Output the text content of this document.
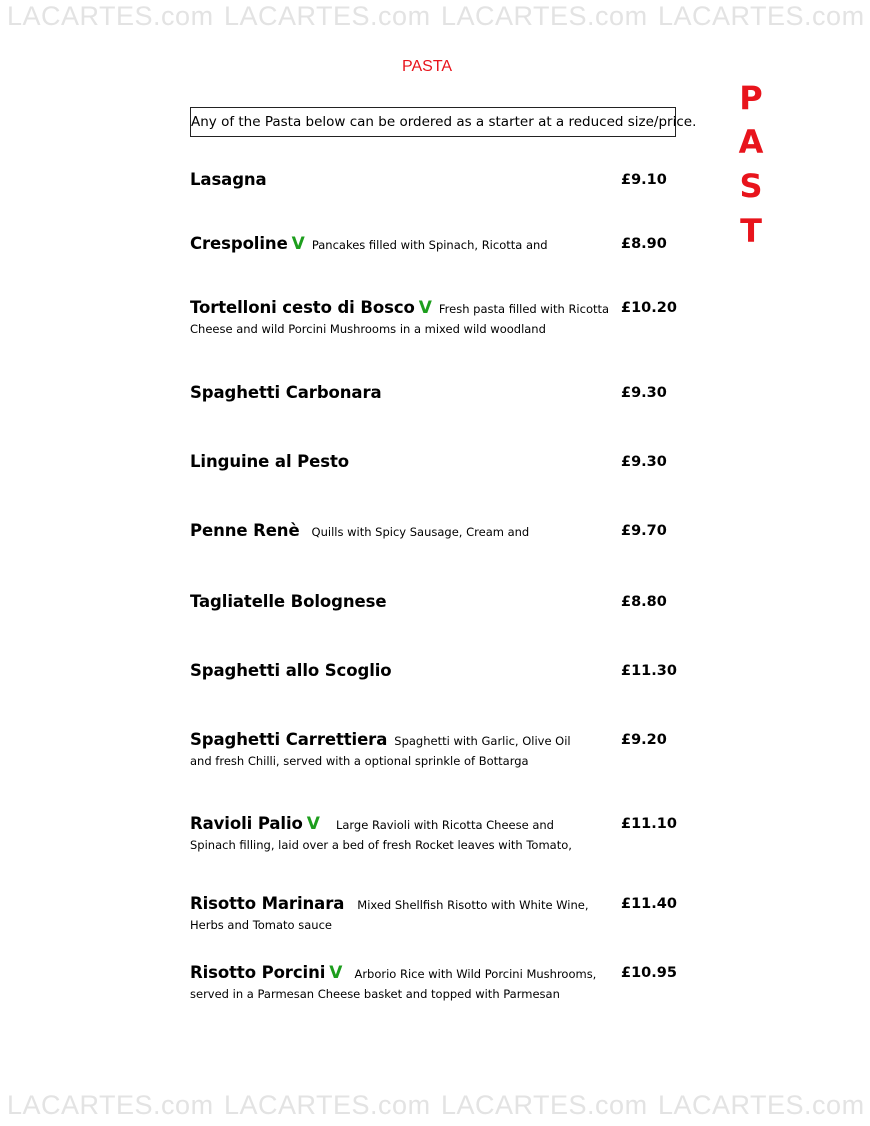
LACARTES.com LACARTES.com LACARTES.com LACARTES.com
PASTA
Any of the Pasta below can be ordered as a starter at a reduced size/price.
P
A
S
T
Lasagna	£9.10
Crespoline V Pancakes filled with Spinach, Ricotta and	£8.90
Tortelloni cesto di Bosco V Fresh pasta filled with Ricotta
Cheese and wild Porcini Mushrooms in a mixed wild woodland
£10.20
Spaghetti Carbonara	£9.30
Linguine al Pesto	£9.30
Penne Renè Quills with Spicy Sausage, Cream and	£9.70
Tagliatelle Bolognese	£8.80
Spaghetti allo Scoglio	£11.30
Spaghetti Carrettiera Spaghetti with Garlic, Olive Oil
and fresh Chilli, served with a optional sprinkle of Bottarga
£9.20
Ravioli Palio V Large Ravioli with Ricotta Cheese and
Spinach filling, laid over a bed of fresh Rocket leaves with Tomato,
£11.10
Risotto Marinara Mixed Shellfish Risotto with White Wine,
Herbs and Tomato sauce
£11.40
Risotto Porcini V Arborio Rice with Wild Porcini Mushrooms,
served in a Parmesan Cheese basket and topped with Parmesan
£10.95
LACARTES.com LACARTES.com LACARTES.com LACARTES.com
